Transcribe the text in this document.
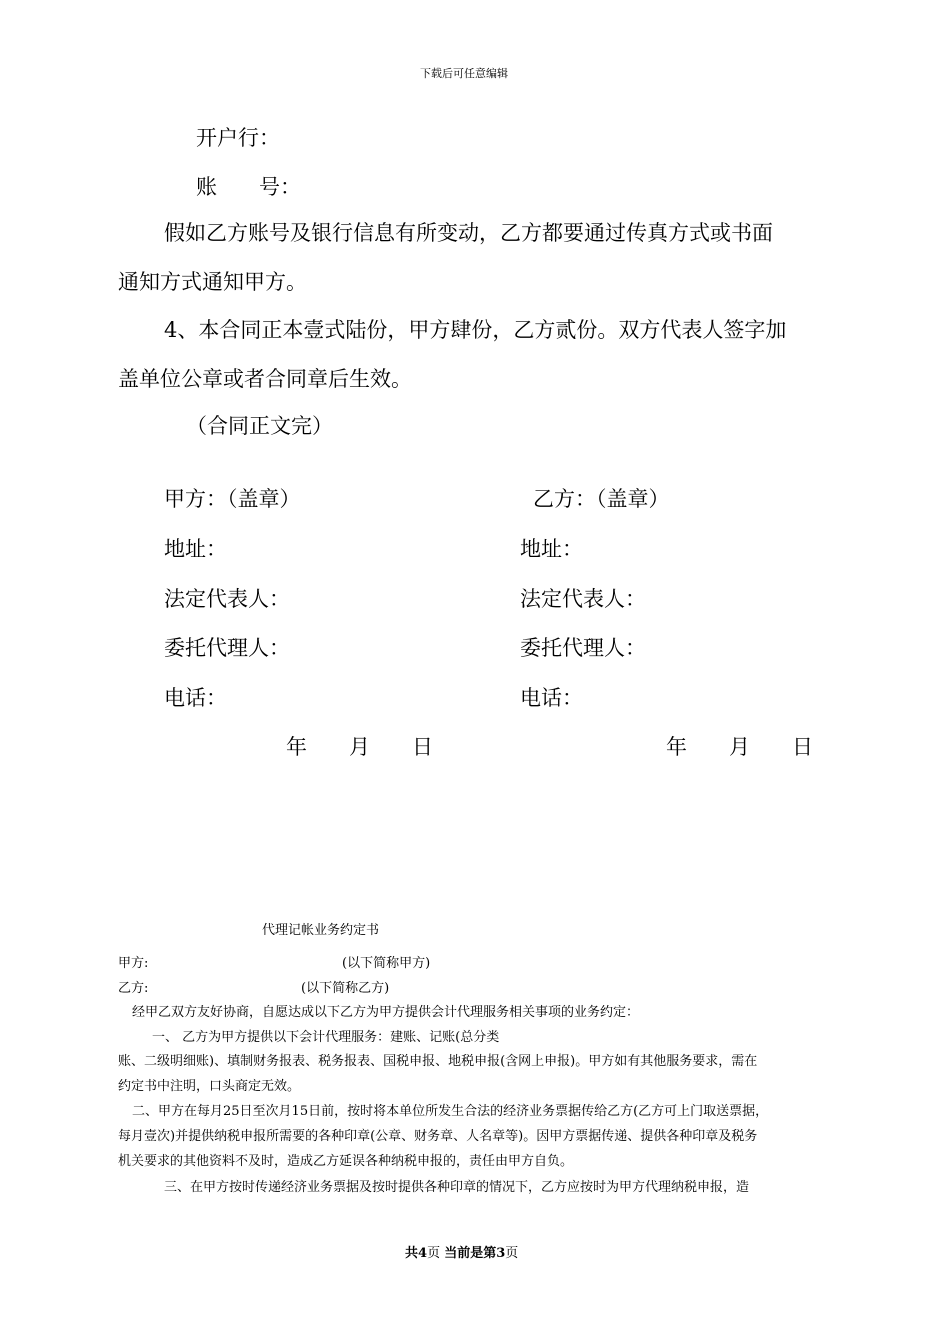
下载后可任意编辑
开户行：
账　　号：
假如乙方账号及银行信息有所变动，乙方都要通过传真方式或书面
通知方式通知甲方。
4、本合同正本壹式陆份，甲方肆份，乙方贰份。双方代表人签字加
盖单位公章或者合同章后生效。
（合同正文完）
甲方：（盖章）
地址：
法定代表人：
委托代理人：
电话：
年　　月　　日
乙方：（盖章）
地址：
法定代表人：
委托代理人：
电话：
年　　月　　日
代理记帐业务约定书
甲方:	(以下简称甲方)
乙方:	(以下简称乙方)
经甲乙双方友好协商，自愿达成以下乙方为甲方提供会计代理服务相关事项的业务约定：
一、 乙方为甲方提供以下会计代理服务：建账、记账(总分类
账、二级明细账)、填制财务报表、税务报表、国税申报、地税申报(含网上申报)。甲方如有其他服务要求，需在
约定书中注明，口头商定无效。
二、甲方在每月25日至次月15日前，按时将本单位所发生合法的经济业务票据传给乙方(乙方可上门取送票据，
每月壹次)并提供纳税申报所需要的各种印章(公章、财务章、人名章等)。因甲方票据传递、提供各种印章及税务
机关要求的其他资料不及时，造成乙方延误各种纳税申报的，责任由甲方自负。
三、在甲方按时传递经济业务票据及按时提供各种印章的情况下，乙方应按时为甲方代理纳税申报，造
共4页 当前是第3页
